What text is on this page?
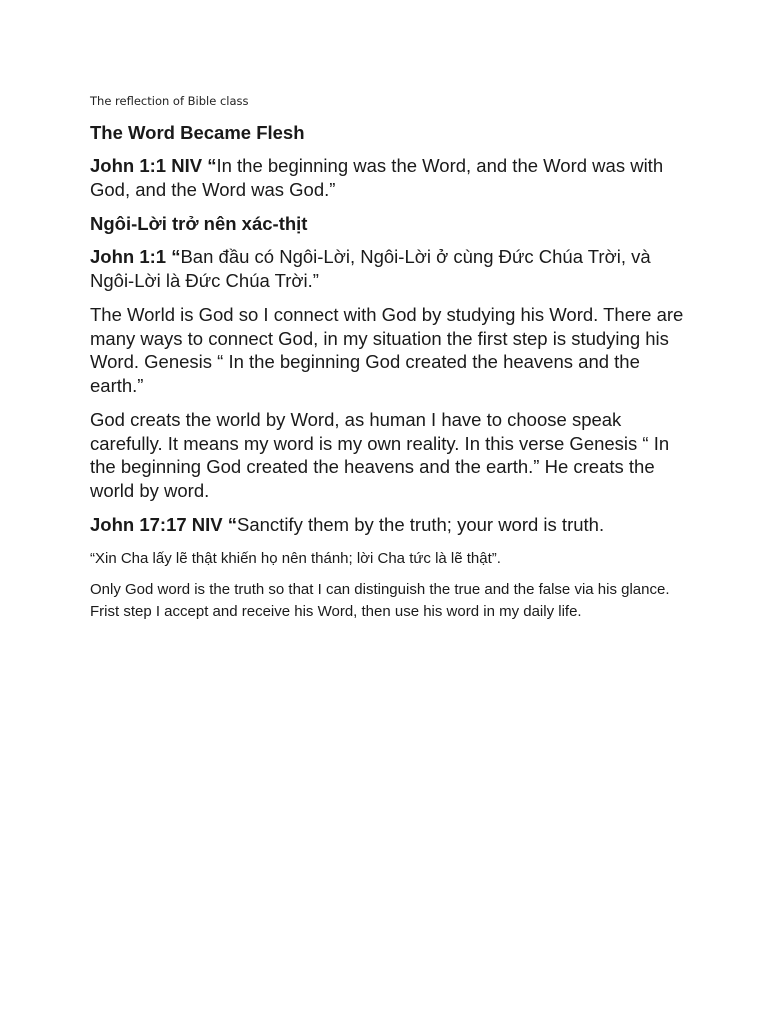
The reflection of Bible class

The Word Became Flesh

John 1:1 NIV “In the beginning was the Word, and the Word was with God, and the Word was God.”

Ngôi-Lời trở nên xác-thịt

John 1:1 “Ban đầu có Ngôi-Lời, Ngôi-Lời ở cùng Đức Chúa Trời, và Ngôi-Lời là Đức Chúa Trời.”

The World is God so I connect with God by studying his Word. There are many ways to connect God, in my situation the first step is studying his Word. Genesis “ In the beginning God created the heavens and the earth.”

God creats the world by Word, as human I have to choose speak carefully. It means my word is my own reality. In this verse Genesis “ In the beginning God created the heavens and the earth.” He creats the world by word.

John 17:17 NIV “Sanctify them by the truth; your word is truth.

“Xin Cha lấy lẽ thật khiến họ nên thánh; lời Cha tức là lẽ thật”.

Only God word is the truth so that I can distinguish the true and the false via his glance. Frist step I accept and receive his Word, then use his word in my daily life.
